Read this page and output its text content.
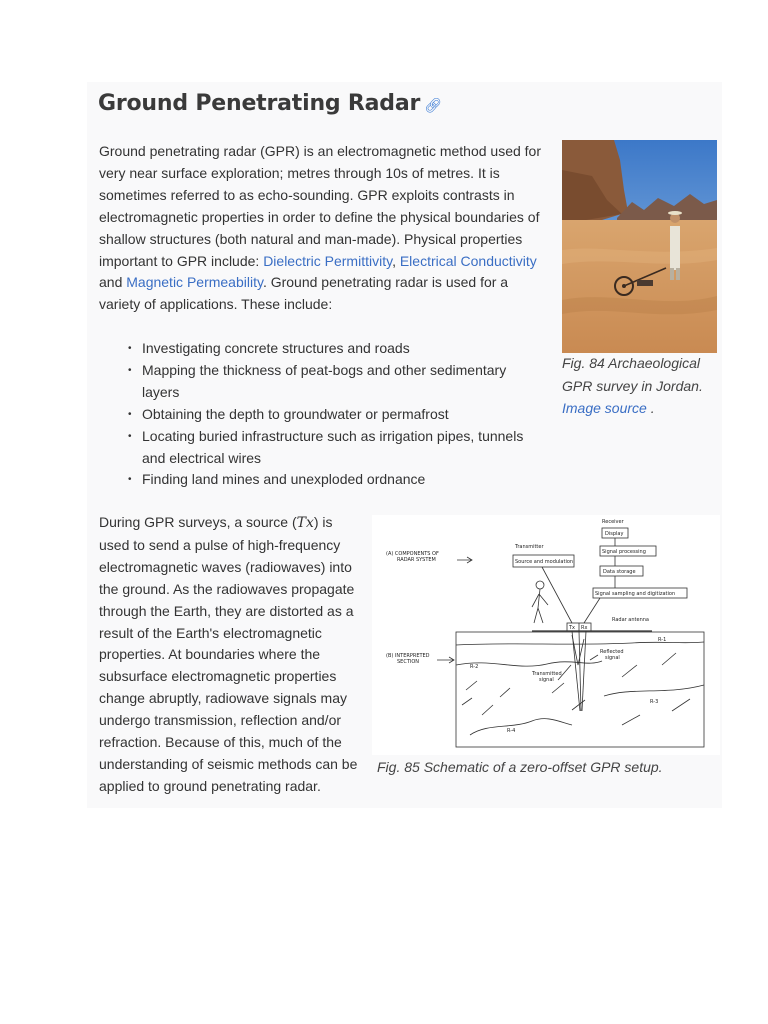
Ground Penetrating Radar 🔗︎

Ground penetrating radar (GPR) is an electromagnetic method used for very near surface exploration; metres through 10s of metres. It is sometimes referred to as echo-sounding. GPR exploits contrasts in electromagnetic properties in order to define the physical boundaries of shallow structures (both natural and man-made). Physical properties important to GPR include: Dielectric Permittivity, Electrical Conductivity and Magnetic Permeability. Ground penetrating radar is used for a variety of applications. These include:

• Investigating concrete structures and roads
• Mapping the thickness of peat-bogs and other sedimentary layers
• Obtaining the depth to groundwater or permafrost
• Locating buried infrastructure such as irrigation pipes, tunnels and electrical wires
• Finding land mines and unexploded ordnance

Fig. 84 Archaeological GPR survey in Jordan.
Image source .

During GPR surveys, a source (Tx) is used to send a pulse of high-frequency electromagnetic waves (radiowaves) into the ground. As the radiowaves propagate through the Earth, they are distorted as a result of the Earth's electromagnetic properties. At boundaries where the subsurface electromagnetic properties change abruptly, radiowave signals may undergo transmission, reflection and/or refraction. Because of this, much of the understanding of seismic methods can be applied to ground penetrating radar.

Receiver
Display
Signal processing
Data storage
Signal sampling and digitization
Transmitter
Source and modulation
Radar antenna
Tx Rx
(A) COMPONENTS OF
RADAR SYSTEM
(B) INTERPRETED
SECTION
R-1
R-2
R-3
R-4
Transmitted
signal
Reflected
signal

Fig. 85 Schematic of a zero-offset GPR setup.
